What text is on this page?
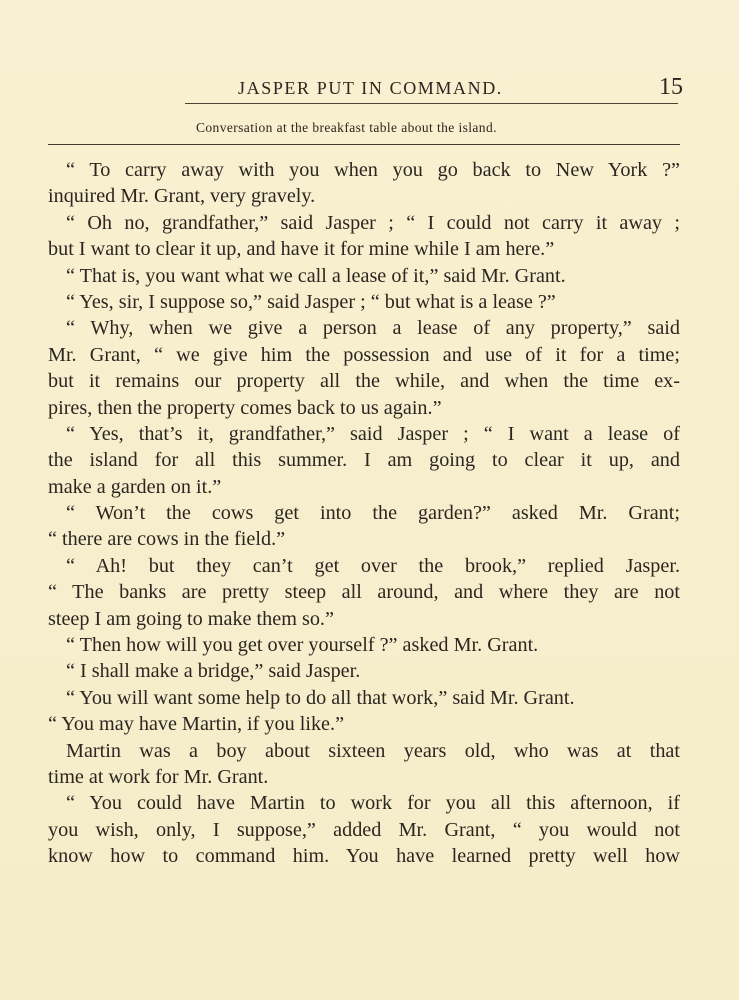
JASPER PUT IN COMMAND.	15
Conversation at the breakfast table about the island.
“ To carry away with you when you go back to New York ?”
inquired Mr. Grant, very gravely.
“ Oh no, grandfather,” said Jasper ; “ I could not carry it away ;
but I want to clear it up, and have it for mine while I am here.”
“ That is, you want what we call a lease of it,” said Mr. Grant.
“ Yes, sir, I suppose so,” said Jasper ; “ but what is a lease ?”
“ Why, when we give a person a lease of any property,” said
Mr. Grant, “ we give him the possession and use of it for a time;
but it remains our property all the while, and when the time ex-
pires, then the property comes back to us again.”
“ Yes, that’s it, grandfather,” said Jasper ; “ I want a lease of
the island for all this summer. I am going to clear it up, and
make a garden on it.”
“ Won’t the cows get into the garden?” asked Mr. Grant;
“ there are cows in the field.”
“ Ah! but they can’t get over the brook,” replied Jasper.
“ The banks are pretty steep all around, and where they are not
steep I am going to make them so.”
“ Then how will you get over yourself ?” asked Mr. Grant.
“ I shall make a bridge,” said Jasper.
“ You will want some help to do all that work,” said Mr. Grant.
“ You may have Martin, if you like.”
Martin was a boy about sixteen years old, who was at that
time at work for Mr. Grant.
“ You could have Martin to work for you all this afternoon, if
you wish, only, I suppose,” added Mr. Grant, “ you would not
know how to command him. You have learned pretty well how
